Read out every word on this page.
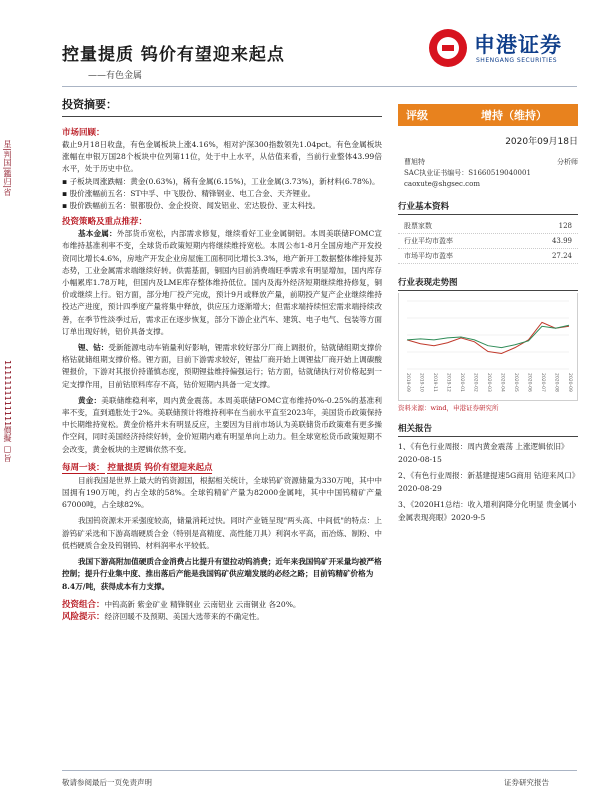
星|判国|鑑归|省
1111111111111價擬 □旨
控量提质 钨价有望迎来起点
——有色金属
申港证券
SHENGANG SECURITIES
投资摘要：
市场回顾：
截止9月18日收盘，有色金属板块上涨4.16%，相对沪深300指数领先1.04pct。有色金属板块涨幅在申银万国28个板块中位列第11位，处于中上水平，从估值来看，当前行业整体43.99倍水平，处于历史中位。
▪ 子板块周涨跌幅：黄金(0.63%)，稀有金属(6.15%)，工业金属(3.73%)，新材料(6.78%)。
▪ 股价涨幅前五名：ST中孚、中飞股份、精锋钢业、电工合金、天齐锂业。
▪ 股价跌幅前五名：银都股份、金企投资、闻发铝业、宏达股份、亚太科技。
投资策略及重点推荐：
基本金属：外部货币宽松，内部需求修复，继续看好工业金属铜铝。本周美联储FOMC宣布维持基准利率不变，全球货币政策短期内将继续维持宽松。本周公布1-8月全国房地产开发投资同比增长4.6%，房地产开发企业房屋施工面积同比增长3.3%，地产新开工数据整体维持复苏态势，工业金属需求端继续好转。供需基面，铜国内目前消费端旺季需求有明显增加，国内库存小幅累库1.78万吨，但国内及LME库存整体维持低位。国内及海外经济短期继续维持修复，铜价或继续上行。铝方面，部分地厂投产完成，预计9月或释放产量，前期投产复产企业继续维持投达产进度，预计四季度产量将集中释放，供应压力逐渐增大；但需求端持续恒宏需求端持续改善，在季节性淡季过后，需求正在逐步恢复，部分下游企业汽车、建筑、电子电气、包装等方面订单出现好转，铝价具备支撑。
锂、钴：受新能源电动车销量利好影响，锂需求较好部分厂商上调报价，钴就储组期支撑价格钴就储组期支撑价格。锂方面，目前下游需求较好，锂盐厂商开始上调锂盐厂商开始上调碳酸锂报价，下游对其报价持谨慎态度，预期锂盐维持偏强运行；钴方面，钴就储执行对价格起到一定支撑作用，目前钴原料库存不高，钴价短期内具备一定支撑。
黄金：美联储维稳利率，周内黄金震荡。本周美联储FOMC宣布维持0%-0.25%的基准利率不变，直到通胀处于2%。美联储预计将维持利率在当前水平直至2023年，美国货币政策保持中长期维持宽松。黄金价格并未有明显反应，主要因为目前市场认为美联储货币政策难有更多操作空间，同时美国经济持续好转，金价短期内难有明显单向上动力。但全球宽松货币政策短期不会改变，黄金板块的主逻辑依然不变。
每周一谈： 控量提质 钨价有望迎来起点
目前我国是世界上最大的钨资源国，根据相关统计，全球钨矿资源储量为330万吨，其中中国拥有190万吨，约占全球的58%。全球钨精矿产量为82000金属吨，其中中国钨精矿产量67000吨，占全球82%。
我国钨资源未开采强度较高，储量消耗过快。同时产业链呈现"两头高、中间低"的特点：上游钨矿采选和下游高端硬质合金（特别是高精度、高性能刀具）利润水平高，而冶炼、制粉、中低档硬质合金及钨钢钨、材料润率水平较低。
我国下游高附加值硬质合金消费占比提升有望拉动钨消费；近年来我国钨矿开采量均被严格控制；提升行业集中度、推出落后产能是我国钨矿供应端发展的必经之路；目前钨精矿价格为8.4万/吨，获得成本有力支撑。
投资组合：中钨高新 紫金矿业 精锋钢业 云南铝业 云南铜业 各20%。
风险提示：经济回暖不及预期、美国大选带来的不确定性。
评级	增持（维持）
2020年09月18日
曹旭特	分析师
SAC执业证书编号：S1660519040001
caoxute@shgsec.com
行业基本资料
股票家数	128
行业平均市盈率	43.99
市场平均市盈率	27.24
行业表现走势图
2019-09 2019-10 2019-11 2019-12 2020-01 2020-02 2020-03 2020-04 2020-05 2020-06 2020-07 2020-08 2020-09
资料来源：wind，申港证券研究所
相关报告
1、《有色行业周报：周内黄金震荡 上涨逻辑依旧》2020-08-15
2、《有色行业周报：新基建提速5G商用 钴迎来风口》2020-08-29
3、《2020H1总结：收入增利润降分化明显 贵金属小金属表现亮眼》2020-9-5
敬请参阅最后一页免责声明	证券研究报告
